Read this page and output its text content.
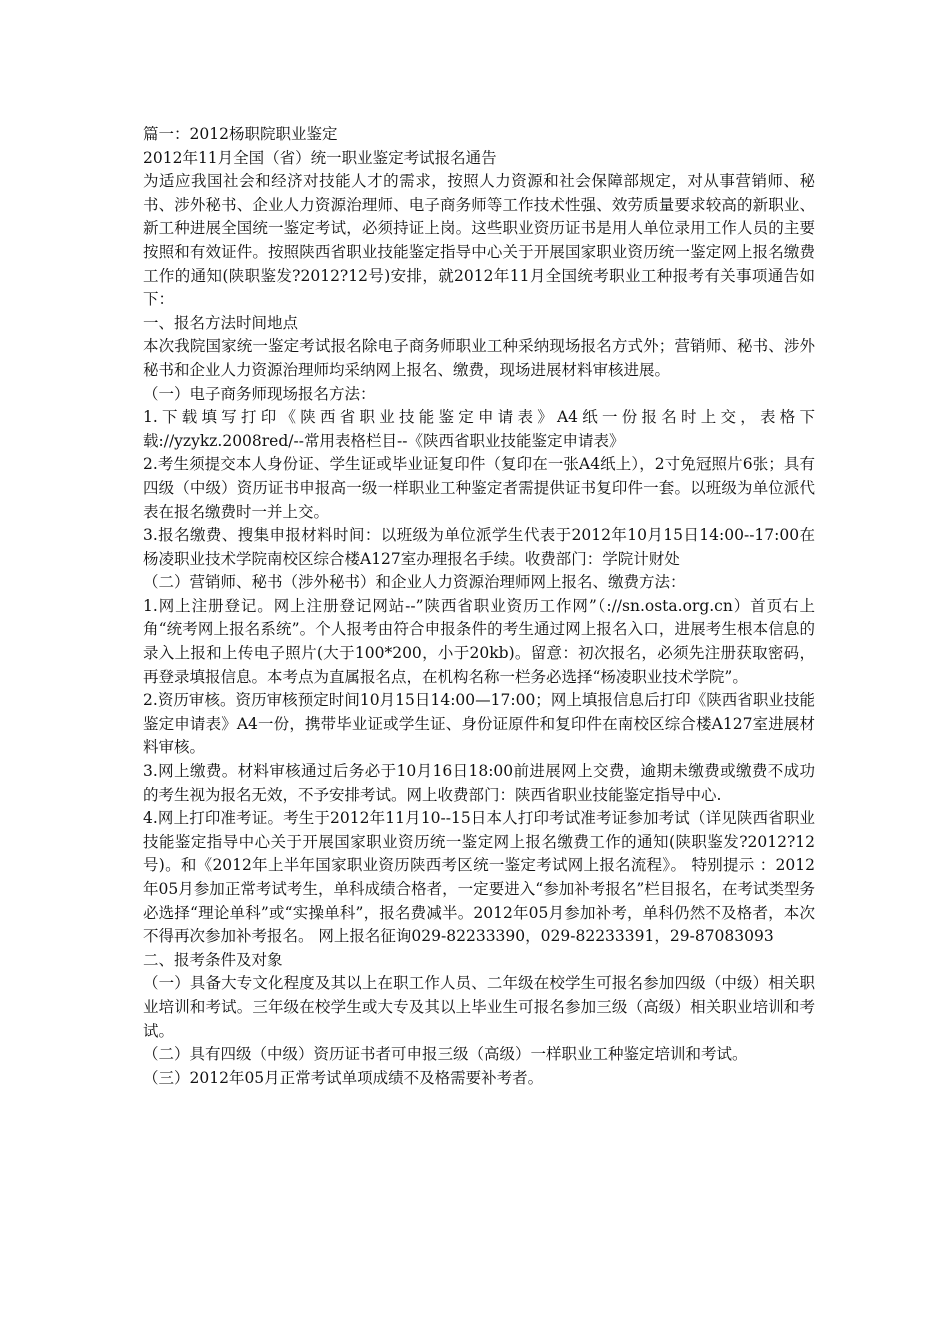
篇一：2012杨职院职业鉴定

2012年11月全国（省）统一职业鉴定考试报名通告

为适应我国社会和经济对技能人才的需求，按照人力资源和社会保障部规定，对从事营销师、秘书、涉外秘书、企业人力资源治理师、电子商务师等工作技术性强、效劳质量要求较高的新职业、新工种进展全国统一鉴定考试，必须持证上岗。这些职业资历证书是用人单位录用工作人员的主要按照和有效证件。按照陕西省职业技能鉴定指导中心关于开展国家职业资历统一鉴定网上报名缴费工作的通知(陕职鉴发?2012?12号)安排，就2012年11月全国统考职业工种报考有关事项通告如下：

一、报名方法时间地点

本次我院国家统一鉴定考试报名除电子商务师职业工种采纳现场报名方式外；营销师、秘书、涉外秘书和企业人力资源治理师均采纳网上报名、缴费，现场进展材料审核进展。

（一）电子商务师现场报名方法：

1.下载填写打印《陕西省职业技能鉴定申请表》A4纸一份报名时上交，表格下载://yzykz.2008red/--常用表格栏目--《陕西省职业技能鉴定申请表》

2.考生须提交本人身份证、学生证或毕业证复印件（复印在一张A4纸上），2寸免冠照片6张；具有四级（中级）资历证书申报高一级一样职业工种鉴定者需提供证书复印件一套。以班级为单位派代表在报名缴费时一并上交。

3.报名缴费、搜集申报材料时间：以班级为单位派学生代表于2012年10月15日14:00--17:00在杨凌职业技术学院南校区综合楼A127室办理报名手续。收费部门：学院计财处

（二）营销师、秘书（涉外秘书）和企业人力资源治理师网上报名、缴费方法：

1.网上注册登记。网上注册登记网站--”陕西省职业资历工作网”（://sn.osta.org.cn）首页右上角“统考网上报名系统”。个人报考由符合申报条件的考生通过网上报名入口，进展考生根本信息的录入上报和上传电子照片(大于100*200，小于20kb)。留意：初次报名，必须先注册获取密码，再登录填报信息。本考点为直属报名点，在机构名称一栏务必选择“杨凌职业技术学院”。

2.资历审核。资历审核预定时间10月15日14:00—17:00；网上填报信息后打印《陕西省职业技能鉴定申请表》A4一份，携带毕业证或学生证、身份证原件和复印件在南校区综合楼A127室进展材料审核。

3.网上缴费。材料审核通过后务必于10月16日18:00前进展网上交费，逾期未缴费或缴费不成功的考生视为报名无效，不予安排考试。网上收费部门：陕西省职业技能鉴定指导中心.

4.网上打印准考证。考生于2012年11月10--15日本人打印考试准考证参加考试（详见陕西省职业技能鉴定指导中心关于开展国家职业资历统一鉴定网上报名缴费工作的通知(陕职鉴发?2012?12号)。和《2012年上半年国家职业资历陕西考区统一鉴定考试网上报名流程》。 特别提示 ：2012年05月参加正常考试考生，单科成绩合格者，一定要进入“参加补考报名”栏目报名，在考试类型务必选择“理论单科”或“实操单科”，报名费减半。2012年05月参加补考，单科仍然不及格者，本次不得再次参加补考报名。 网上报名征询029-82233390，029-82233391，29-87083093

二、报考条件及对象

（一）具备大专文化程度及其以上在职工作人员、二年级在校学生可报名参加四级（中级）相关职业培训和考试。三年级在校学生或大专及其以上毕业生可报名参加三级（高级）相关职业培训和考试。

（二）具有四级（中级）资历证书者可申报三级（高级）一样职业工种鉴定培训和考试。

（三）2012年05月正常考试单项成绩不及格需要补考者。
